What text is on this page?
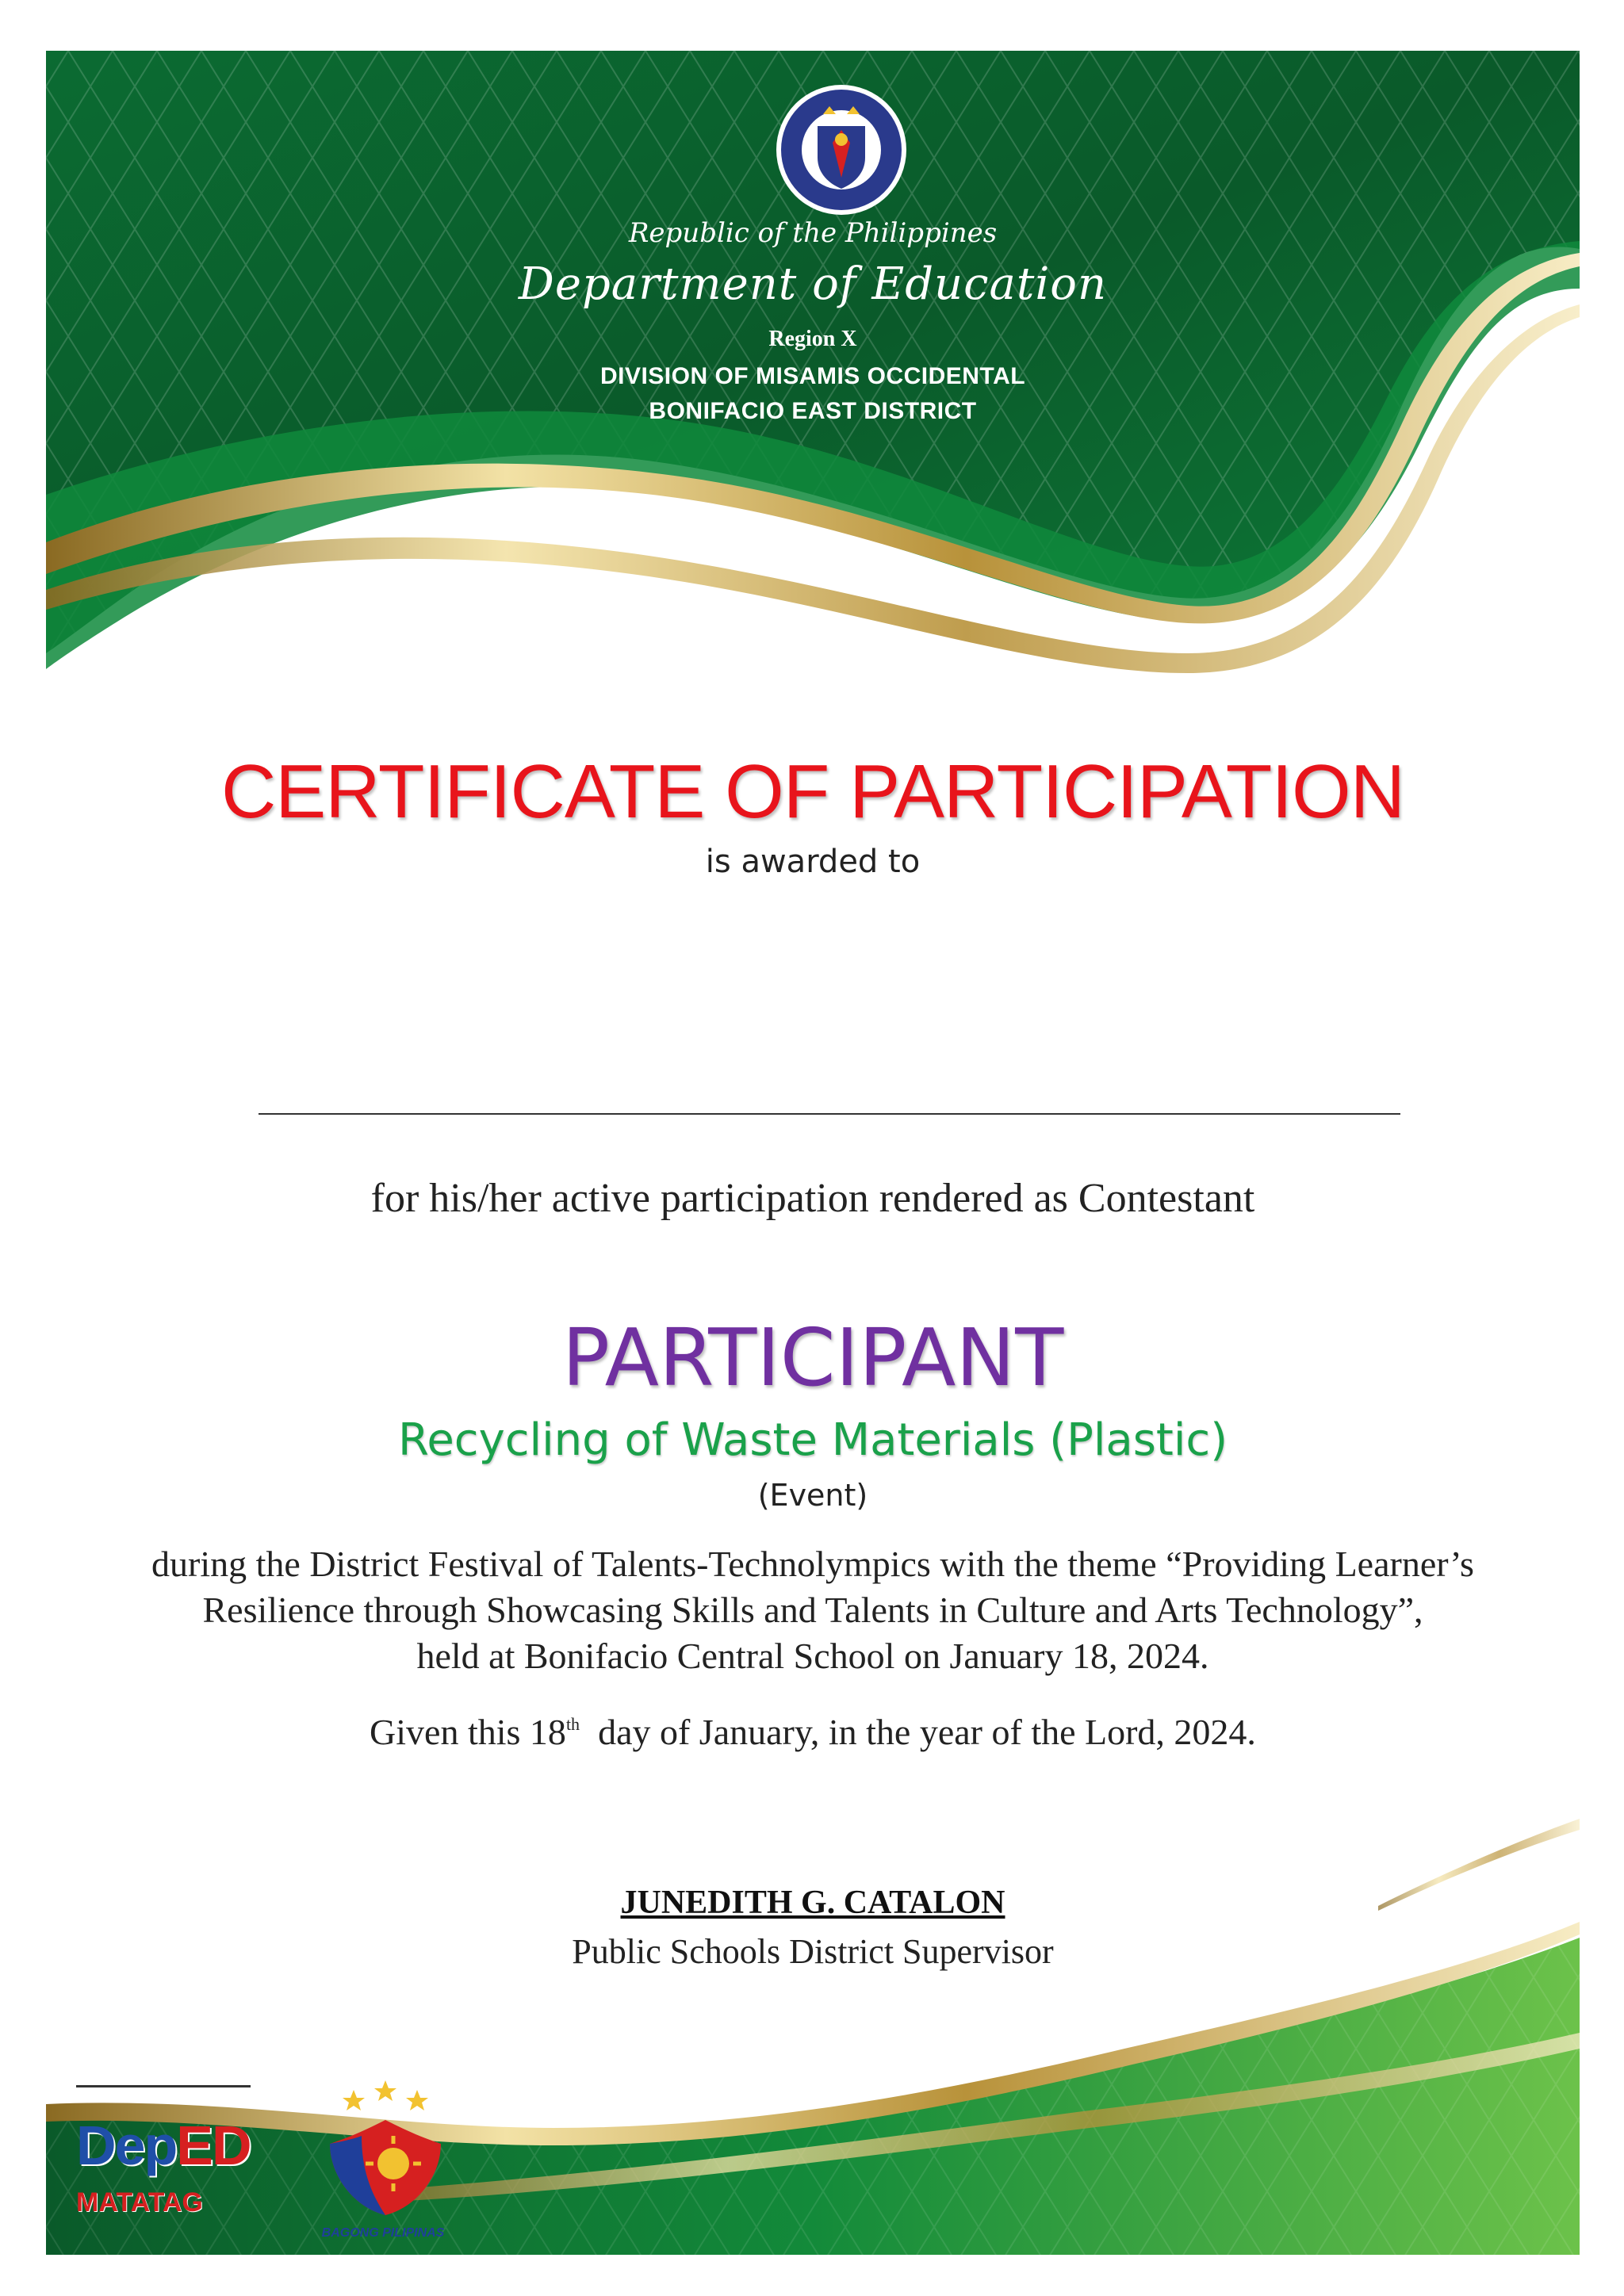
Republic of the Philippines
Department of Education
Region X
DIVISION OF MISAMIS OCCIDENTAL
BONIFACIO EAST DISTRICT
CERTIFICATE OF PARTICIPATION
is awarded to
for his/her active participation rendered as Contestant
PARTICIPANT
Recycling of Waste Materials (Plastic)
(Event)
during the District Festival of Talents-Technolympics with the theme “Providing Learner’s
Resilience through Showcasing Skills and Talents in Culture and Arts Technology”,
held at Bonifacio Central School on January 18, 2024.
Given this 18th  day of January, in the year of the Lord, 2024.
JUNEDITH G. CATALON
Public Schools District Supervisor
DepED
MATATAG
BAGONG PILIPINAS
